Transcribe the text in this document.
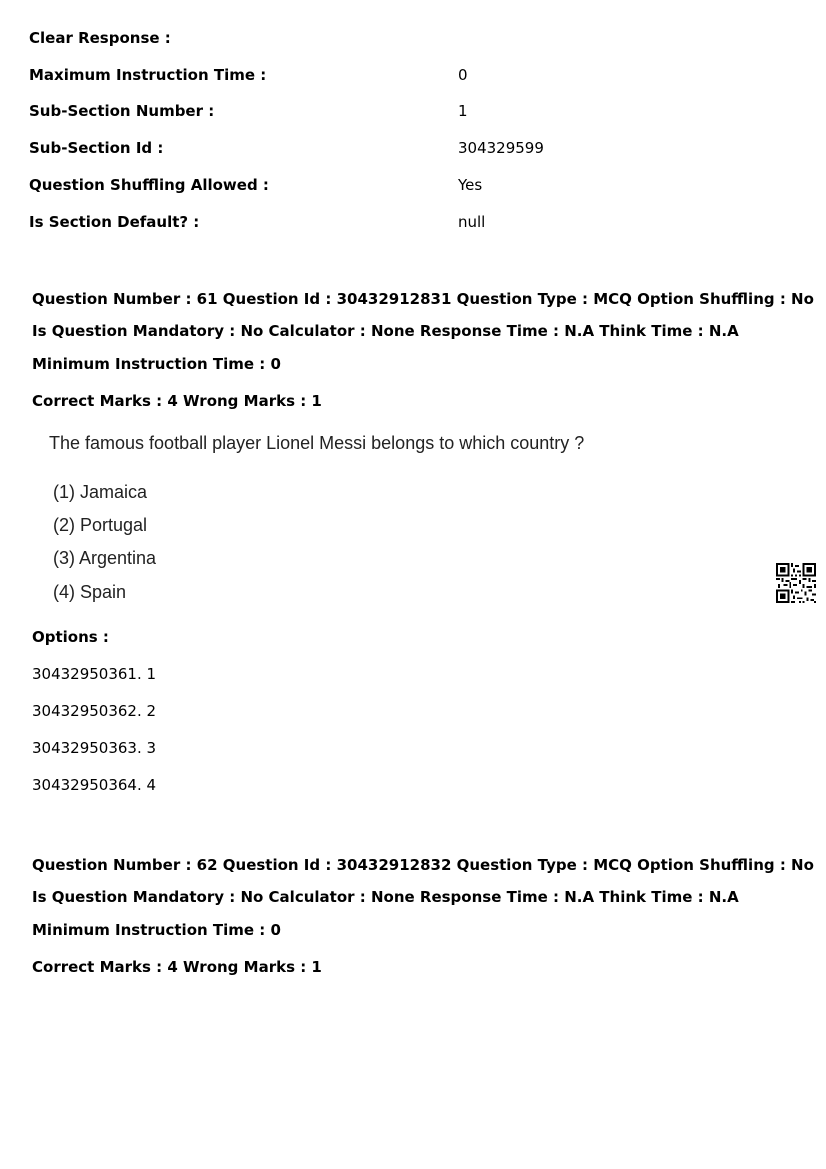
Clear Response :
Maximum Instruction Time :	0
Sub-Section Number :	1
Sub-Section Id :	304329599
Question Shuffling Allowed :	Yes
Is Section Default? :	null
Question Number : 61 Question Id : 30432912831 Question Type : MCQ Option Shuffling : No
Is Question Mandatory : No Calculator : None Response Time : N.A Think Time : N.A
Minimum Instruction Time : 0
Correct Marks : 4 Wrong Marks : 1
The famous football player Lionel Messi belongs to which country ?
(1) Jamaica
(2) Portugal
(3) Argentina
(4) Spain
Options :
30432950361. 1
30432950362. 2
30432950363. 3
30432950364. 4
Question Number : 62 Question Id : 30432912832 Question Type : MCQ Option Shuffling : No
Is Question Mandatory : No Calculator : None Response Time : N.A Think Time : N.A
Minimum Instruction Time : 0
Correct Marks : 4 Wrong Marks : 1
